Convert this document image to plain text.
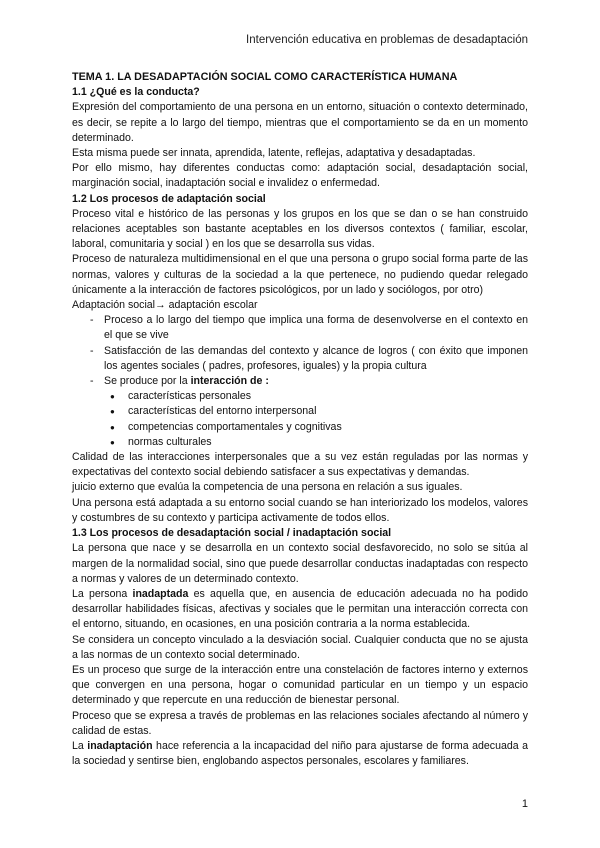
Intervención educativa en problemas de desadaptación

TEMA 1. LA DESADAPTACIÓN SOCIAL COMO CARACTERÍSTICA HUMANA

1.1 ¿Qué es la conducta?

Expresión del comportamiento de una persona en un entorno, situación o contexto determinado, es decir, se repite a lo largo del tiempo, mientras que el comportamiento se da en un momento determinado.

Esta misma puede ser innata, aprendida, latente, reflejas, adaptativa y desadaptadas.

Por ello mismo, hay diferentes conductas como: adaptación social, desadaptación social, marginación social, inadaptación social e invalidez o enfermedad.

1.2 Los procesos de adaptación social

Proceso vital e histórico de las personas y los grupos en los que se dan o se han construido relaciones aceptables son bastante aceptables en los diversos contextos ( familiar, escolar, laboral, comunitaria y social ) en los que se desarrolla sus vidas.

Proceso de naturaleza multidimensional en el que una persona o grupo social forma parte de las normas, valores y culturas de la sociedad a la que pertenece, no pudiendo quedar relegado únicamente a la interacción de factores psicológicos, por un lado y sociólogos, por otro)

Adaptación social→ adaptación escolar

- Proceso a lo largo del tiempo que implica una forma de desenvolverse en el contexto en el que se vive
- Satisfacción de las demandas del contexto y alcance de logros ( con éxito que imponen los agentes sociales ( padres, profesores, iguales) y la propia cultura
- Se produce por la interacción de :
● características personales
● características del entorno interpersonal
● competencias comportamentales y cognitivas
● normas culturales

Calidad de las interacciones interpersonales que a su vez están reguladas por las normas y expectativas del contexto social debiendo satisfacer a sus expectativas y demandas.

juicio externo que evalúa la competencia de una persona en relación a sus iguales.

Una persona está adaptada a su entorno social cuando se han interiorizado los modelos, valores y costumbres de su contexto y participa activamente de todos ellos.

1.3 Los procesos de desadaptación social / inadaptación social

La persona que nace y se desarrolla en un contexto social desfavorecido, no solo se sitúa al margen de la normalidad social, sino que puede desarrollar conductas inadaptadas con respecto a normas y valores de un determinado contexto.

La persona inadaptada es aquella que, en ausencia de educación adecuada no ha podido desarrollar habilidades físicas, afectivas y sociales que le permitan una interacción correcta con el entorno, situando, en ocasiones, en una posición contraria a la norma establecida.

Se considera un concepto vinculado a la desviación social. Cualquier conducta que no se ajusta a las normas de un contexto social determinado.

Es un proceso que surge de la interacción entre una constelación de factores interno y externos que convergen en una persona, hogar o comunidad particular en un tiempo y un espacio determinado y que repercute en una reducción de bienestar personal.

Proceso que se expresa a través de problemas en las relaciones sociales afectando al número y calidad de estas.

La inadaptación hace referencia a la incapacidad del niño para ajustarse de forma adecuada a la sociedad y sentirse bien, englobando aspectos personales, escolares y familiares.

1
